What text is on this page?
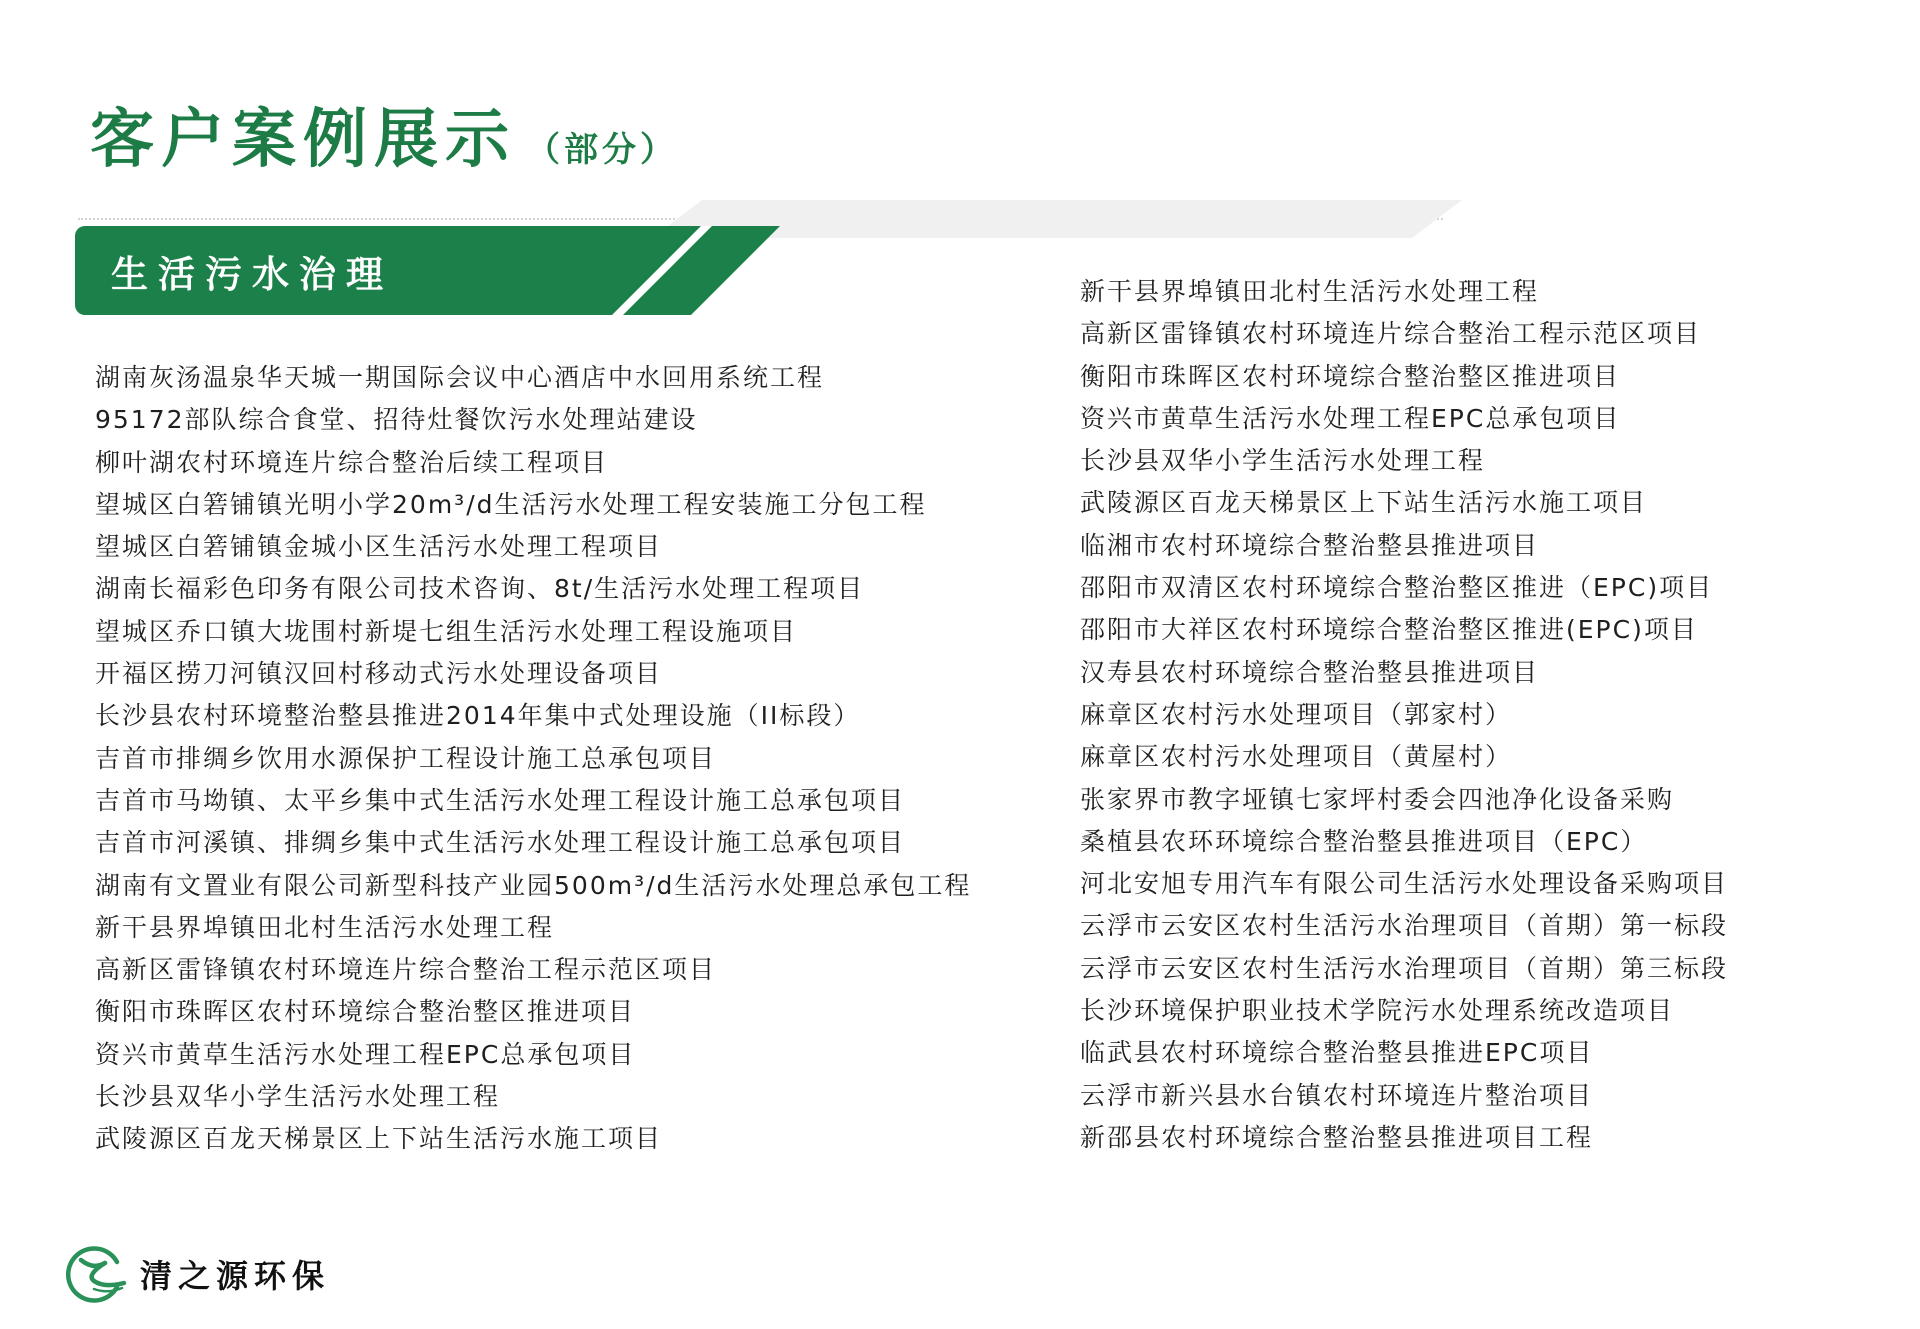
客户案例展示 （部分）
生活污水治理
湖南灰汤温泉华天城一期国际会议中心酒店中水回用系统工程
95172部队综合食堂、招待灶餐饮污水处理站建设
柳叶湖农村环境连片综合整治后续工程项目
望城区白箬铺镇光明小学20m³/d生活污水处理工程安装施工分包工程
望城区白箬铺镇金城小区生活污水处理工程项目
湖南长福彩色印务有限公司技术咨询、8t/生活污水处理工程项目
望城区乔口镇大垅围村新堤七组生活污水处理工程设施项目
开福区捞刀河镇汉回村移动式污水处理设备项目
长沙县农村环境整治整县推进2014年集中式处理设施（II标段）
吉首市排绸乡饮用水源保护工程设计施工总承包项目
吉首市马坳镇、太平乡集中式生活污水处理工程设计施工总承包项目
吉首市河溪镇、排绸乡集中式生活污水处理工程设计施工总承包项目
湖南有文置业有限公司新型科技产业园500m³/d生活污水处理总承包工程
新干县界埠镇田北村生活污水处理工程
高新区雷锋镇农村环境连片综合整治工程示范区项目
衡阳市珠晖区农村环境综合整治整区推进项目
资兴市黄草生活污水处理工程EPC总承包项目
长沙县双华小学生活污水处理工程
武陵源区百龙天梯景区上下站生活污水施工项目
新干县界埠镇田北村生活污水处理工程
高新区雷锋镇农村环境连片综合整治工程示范区项目
衡阳市珠晖区农村环境综合整治整区推进项目
资兴市黄草生活污水处理工程EPC总承包项目
长沙县双华小学生活污水处理工程
武陵源区百龙天梯景区上下站生活污水施工项目
临湘市农村环境综合整治整县推进项目
邵阳市双清区农村环境综合整治整区推进（EPC)项目
邵阳市大祥区农村环境综合整治整区推进(EPC)项目
汉寿县农村环境综合整治整县推进项目
麻章区农村污水处理项目（郭家村）
麻章区农村污水处理项目（黄屋村）
张家界市教字垭镇七家坪村委会四池净化设备采购
桑植县农环环境综合整治整县推进项目（EPC）
河北安旭专用汽车有限公司生活污水处理设备采购项目
云浮市云安区农村生活污水治理项目（首期）第一标段
云浮市云安区农村生活污水治理项目（首期）第三标段
长沙环境保护职业技术学院污水处理系统改造项目
临武县农村环境综合整治整县推进EPC项目
云浮市新兴县水台镇农村环境连片整治项目
新邵县农村环境综合整治整县推进项目工程
清之源环保
